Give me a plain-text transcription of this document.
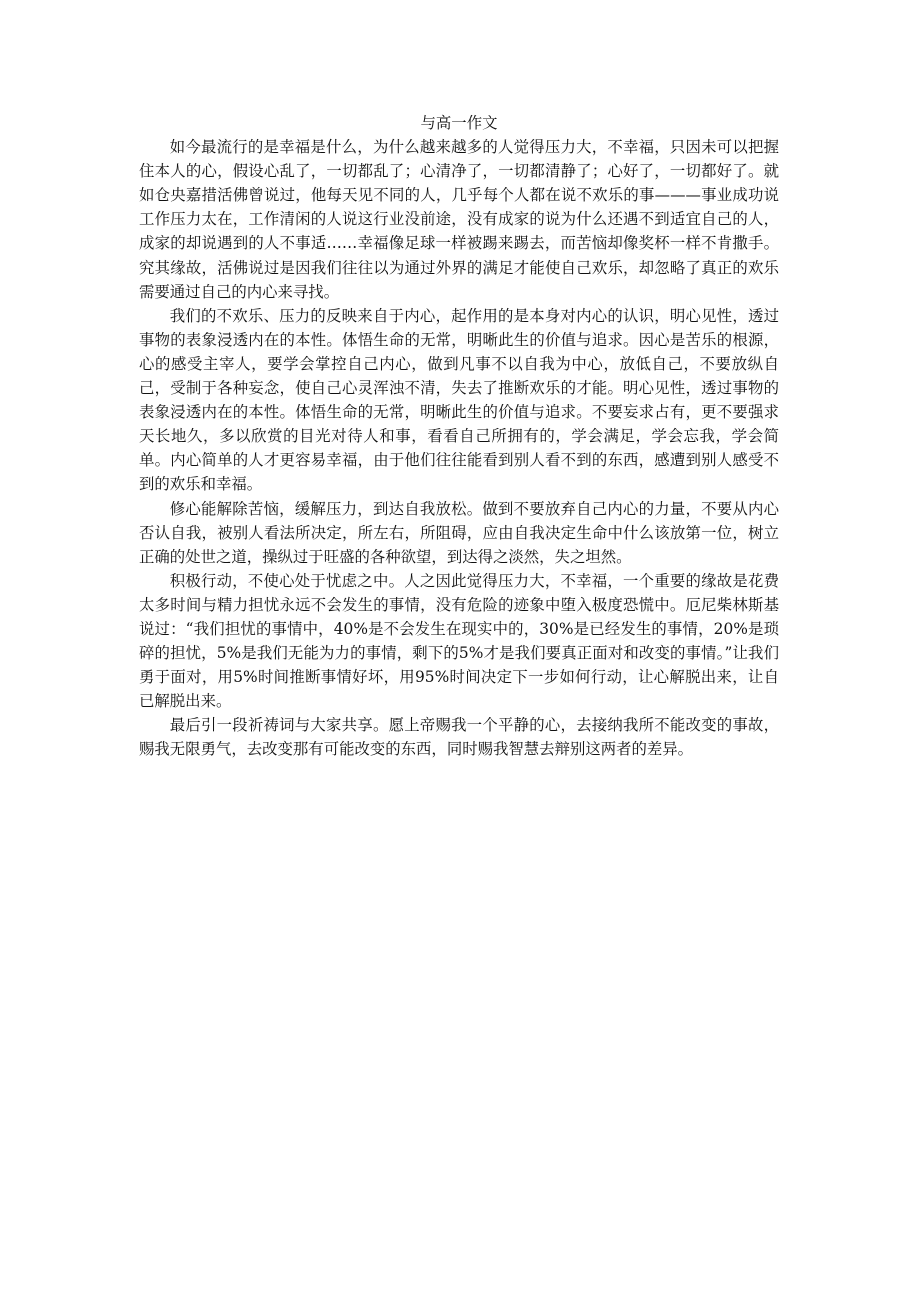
与高一作文

如今最流行的是幸福是什么，为什么越来越多的人觉得压力大，不幸福，只因未可以把握住本人的心，假设心乱了，一切都乱了；心清净了，一切都清静了；心好了，一切都好了。就如仓央嘉措活佛曾说过，他每天见不同的人，几乎每个人都在说不欢乐的事———事业成功说工作压力太在，工作清闲的人说这行业没前途，没有成家的说为什么还遇不到适宜自己的人，成家的却说遇到的人不事适……幸福像足球一样被踢来踢去，而苦恼却像奖杯一样不肯撒手。究其缘故，活佛说过是因我们往往以为通过外界的满足才能使自己欢乐，却忽略了真正的欢乐需要通过自己的内心来寻找。

我们的不欢乐、压力的反映来自于内心，起作用的是本身对内心的认识，明心见性，透过事物的表象浸透内在的本性。体悟生命的无常，明晰此生的价值与追求。因心是苦乐的根源，心的感受主宰人，要学会掌控自己内心，做到凡事不以自我为中心，放低自己，不要放纵自己，受制于各种妄念，使自己心灵浑浊不清，失去了推断欢乐的才能。明心见性，透过事物的表象浸透内在的本性。体悟生命的无常，明晰此生的价值与追求。不要妄求占有，更不要强求天长地久，多以欣赏的目光对待人和事，看看自己所拥有的，学会满足，学会忘我，学会简单。内心简单的人才更容易幸福，由于他们往往能看到别人看不到的东西，感遭到别人感受不到的欢乐和幸福。

修心能解除苦恼，缓解压力，到达自我放松。做到不要放弃自己内心的力量，不要从内心否认自我，被别人看法所决定，所左右，所阻碍，应由自我决定生命中什么该放第一位，树立正确的处世之道，操纵过于旺盛的各种欲望，到达得之淡然，失之坦然。

积极行动，不使心处于忧虑之中。人之因此觉得压力大，不幸福，一个重要的缘故是花费太多时间与精力担忧永远不会发生的事情，没有危险的迹象中堕入极度恐慌中。厄尼柴林斯基说过：“我们担忧的事情中，40%是不会发生在现实中的，30%是已经发生的事情，20%是琐碎的担忧，5%是我们无能为力的事情，剩下的5%才是我们要真正面对和改变的事情。”让我们勇于面对，用5%时间推断事情好坏，用95%时间决定下一步如何行动，让心解脱出来，让自已解脱出来。

最后引一段祈祷词与大家共享。愿上帝赐我一个平静的心，去接纳我所不能改变的事故，赐我无限勇气，去改变那有可能改变的东西，同时赐我智慧去辩别这两者的差异。
